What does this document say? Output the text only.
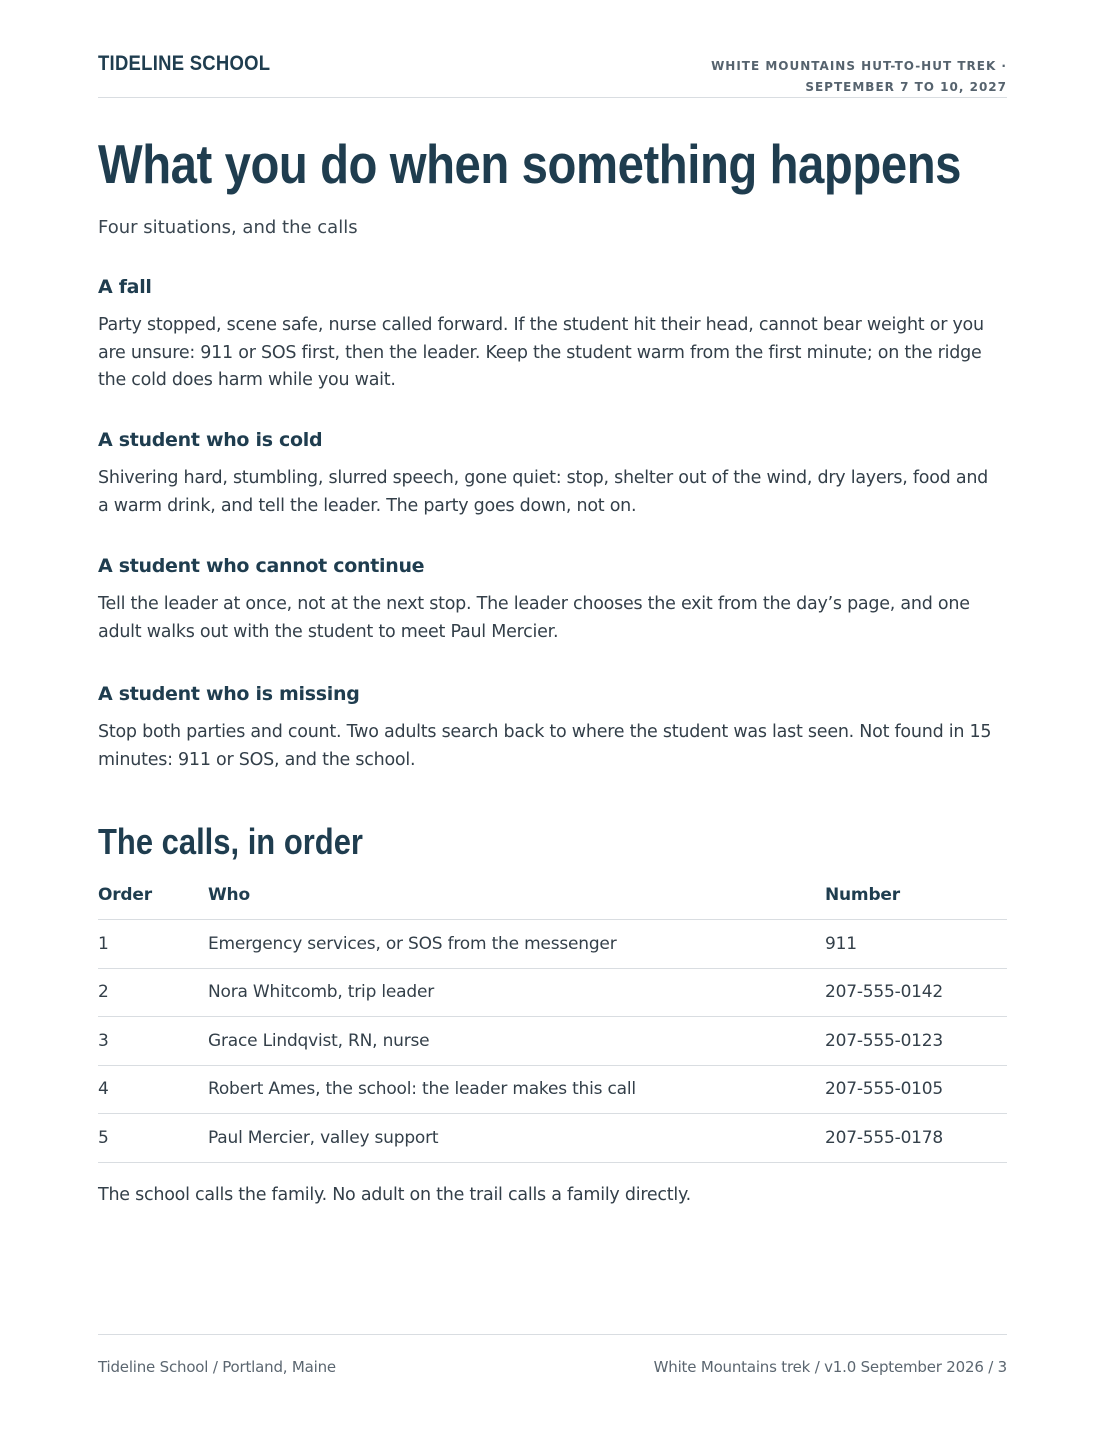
TIDELINE SCHOOL	WHITE MOUNTAINS HUT-TO-HUT TREK ·
SEPTEMBER 7 TO 10, 2027
What you do when something happens
Four situations, and the calls
A fall

Party stopped, scene safe, nurse called forward. If the student hit their head, cannot bear weight or you are unsure: 911 or SOS first, then the leader. Keep the student warm from the first minute; on the ridge the cold does harm while you wait.

A student who is cold

Shivering hard, stumbling, slurred speech, gone quiet: stop, shelter out of the wind, dry layers, food and a warm drink, and tell the leader. The party goes down, not on.

A student who cannot continue

Tell the leader at once, not at the next stop. The leader chooses the exit from the day’s page, and one adult walks out with the student to meet Paul Mercier.

A student who is missing

Stop both parties and count. Two adults search back to where the student was last seen. Not found in 15 minutes: 911 or SOS, and the school.

The calls, in order
Order	Who	Number
1	Emergency services, or SOS from the messenger	911
2	Nora Whitcomb, trip leader	207-555-0142
3	Grace Lindqvist, RN, nurse	207-555-0123
4	Robert Ames, the school: the leader makes this call	207-555-0105
5	Paul Mercier, valley support	207-555-0178
The school calls the family. No adult on the trail calls a family directly.
Tideline School / Portland, Maine	White Mountains trek / v1.0 September 2026 / 3
